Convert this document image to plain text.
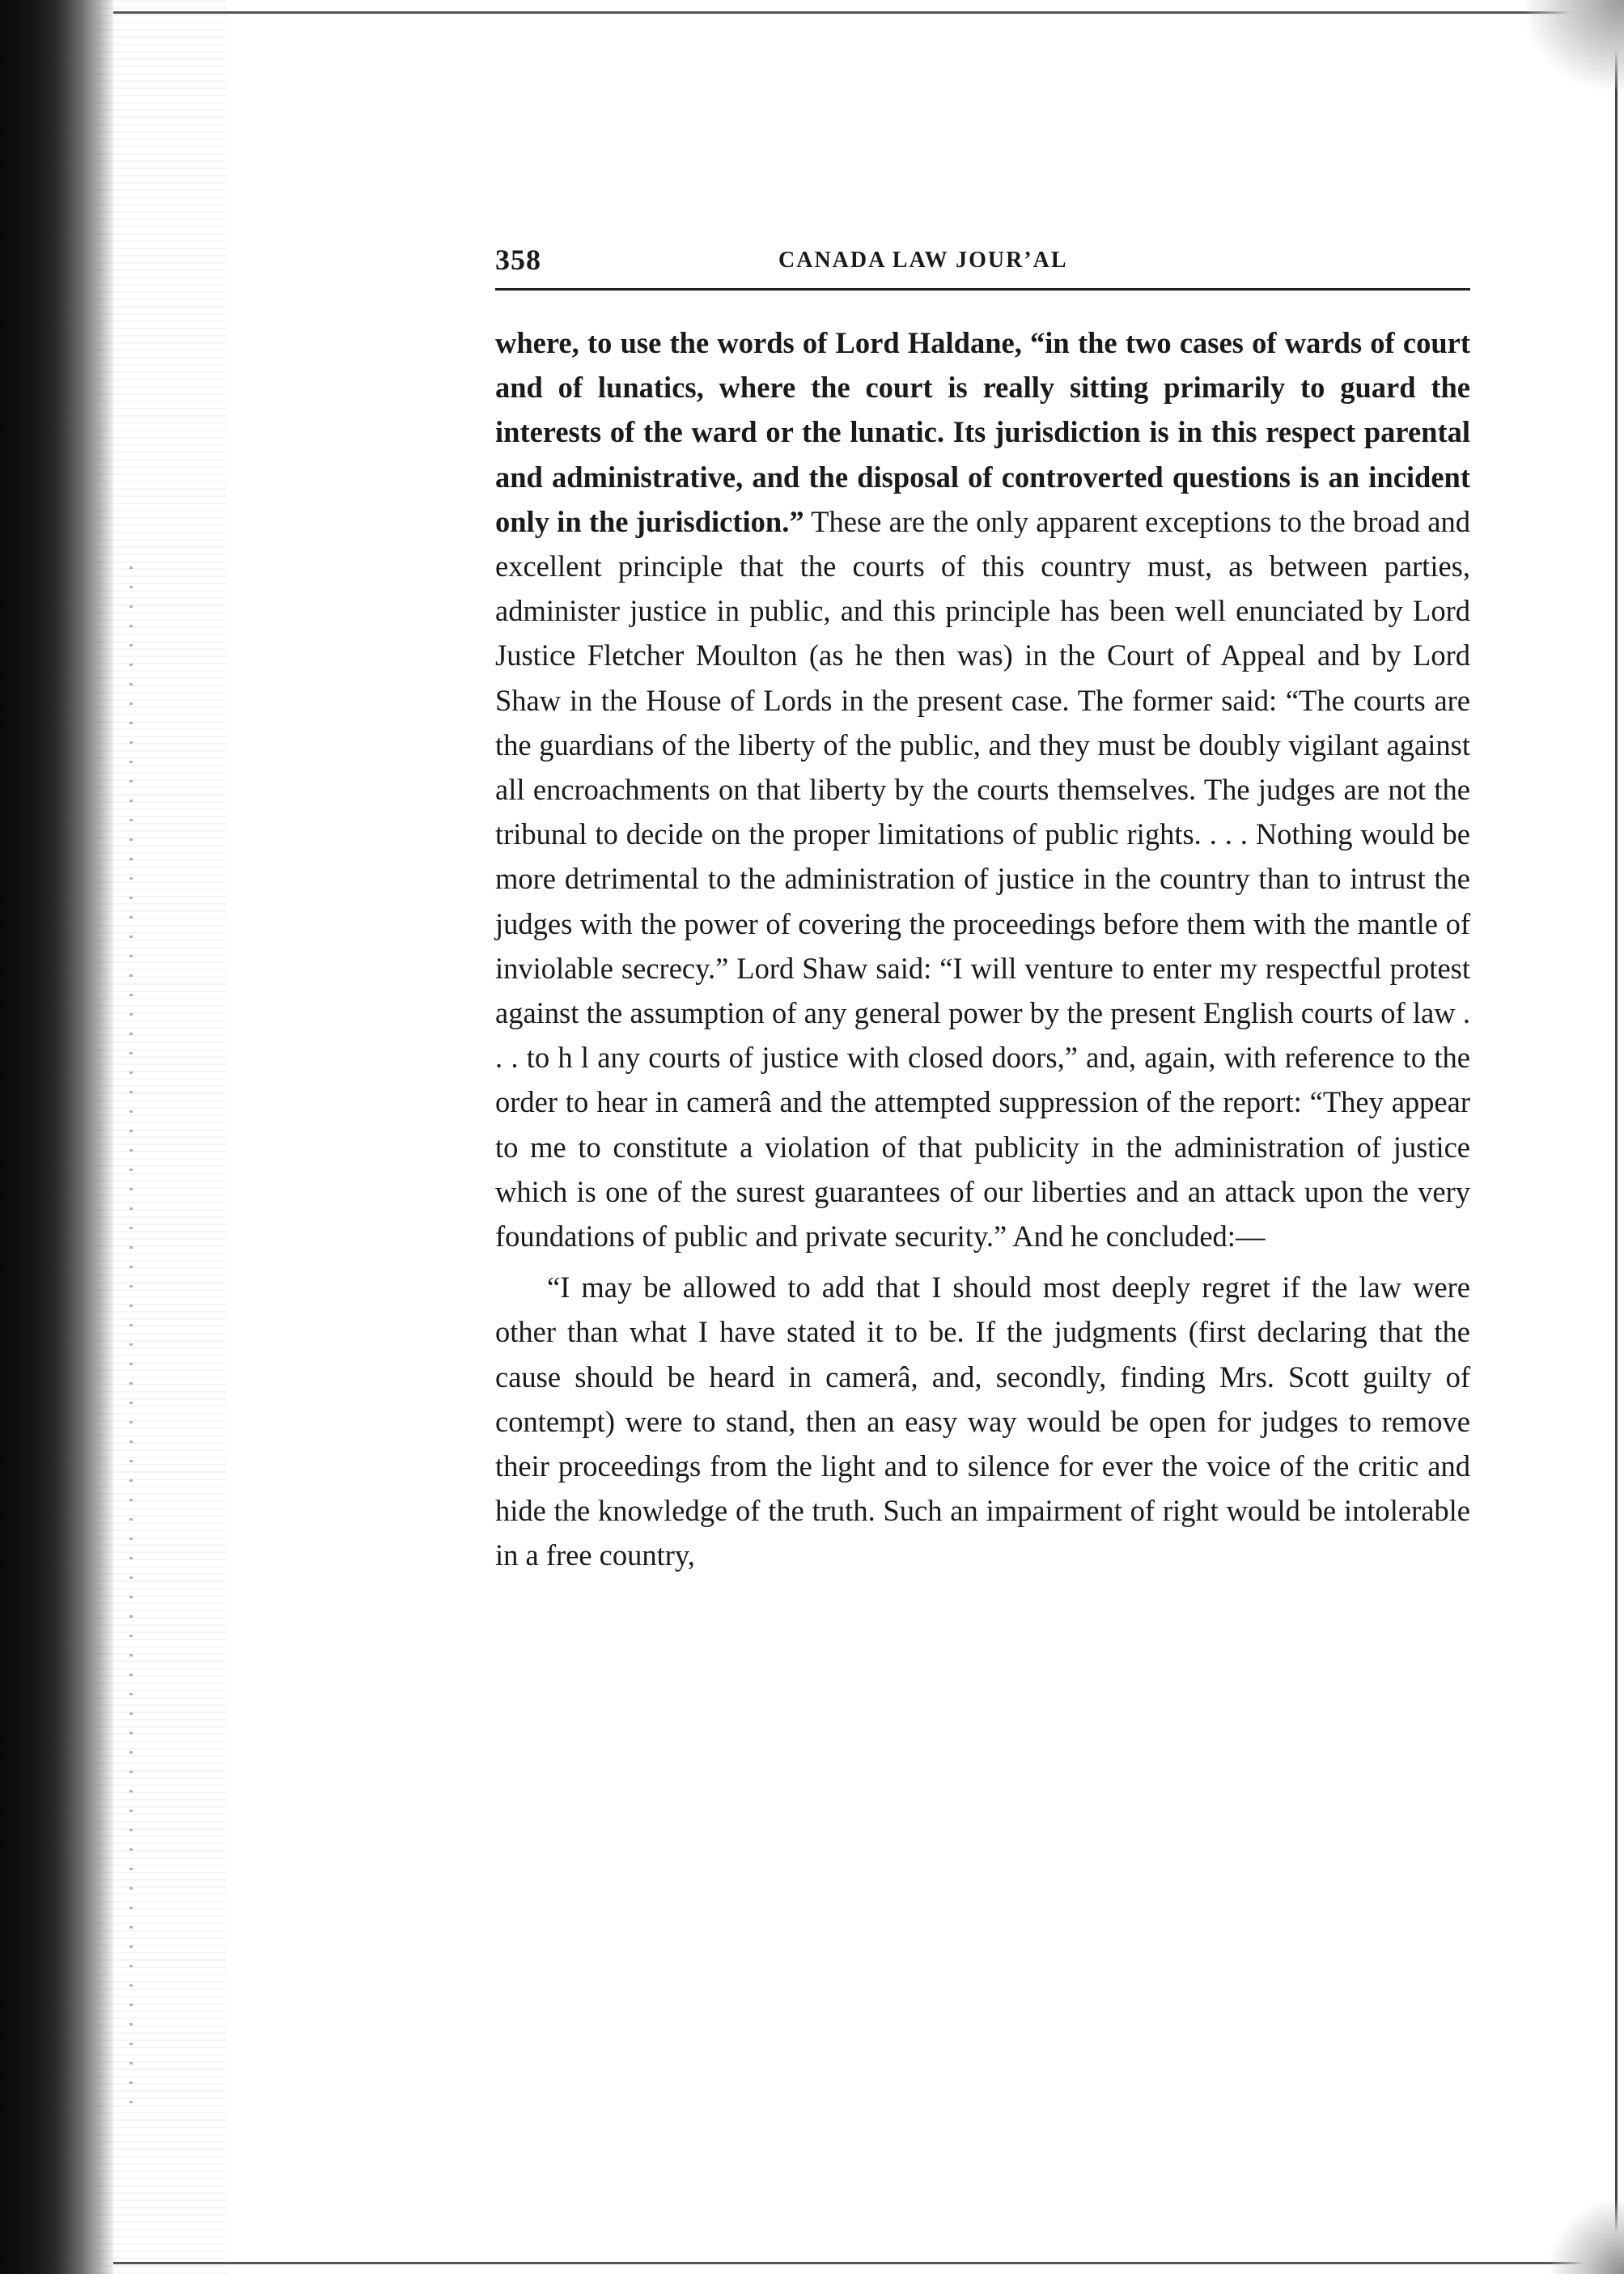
358	CANADA LAW JOURʼAL

where, to use the words of Lord Haldane, “in the two cases of wards of court and of lunatics, where the court is really sitting primarily to guard the interests of the ward or the lunatic. Its jurisdiction is in this respect parental and administrative, and the disposal of controverted questions is an incident only in the jurisdiction.” These are the only apparent exceptions to the broad and excellent principle that the courts of this country must, as between parties, administer justice in public, and this principle has been well enunciated by Lord Justice Fletcher Moulton (as he then was) in the Court of Appeal and by Lord Shaw in the House of Lords in the present case. The former said: “The courts are the guardians of the liberty of the public, and they must be doubly vigilant against all encroachments on that liberty by the courts themselves. The judges are not the tribunal to decide on the proper limitations of public rights. . . . Nothing would be more detrimental to the administration of justice in the country than to intrust the judges with the power of covering the proceedings before them with the mantle of inviolable secrecy.” Lord Shaw said: “I will venture to enter my respectful protest against the assumption of any general power by the present English courts of law . . . to h l any courts of justice with closed doors,” and, again, with reference to the order to hear in camerâ and the attempted suppression of the report: “They appear to me to constitute a violation of that publicity in the administration of justice which is one of the surest guarantees of our liberties and an attack upon the very foundations of public and private security.” And he concluded:—

“I may be allowed to add that I should most deeply regret if the law were other than what I have stated it to be. If the judgments (first declaring that the cause should be heard in camerâ, and, secondly, finding Mrs. Scott guilty of contempt) were to stand, then an easy way would be open for judges to remove their proceedings from the light and to silence for ever the voice of the critic and hide the knowledge of the truth. Such an impairment of right would be intolerable in a free country,
